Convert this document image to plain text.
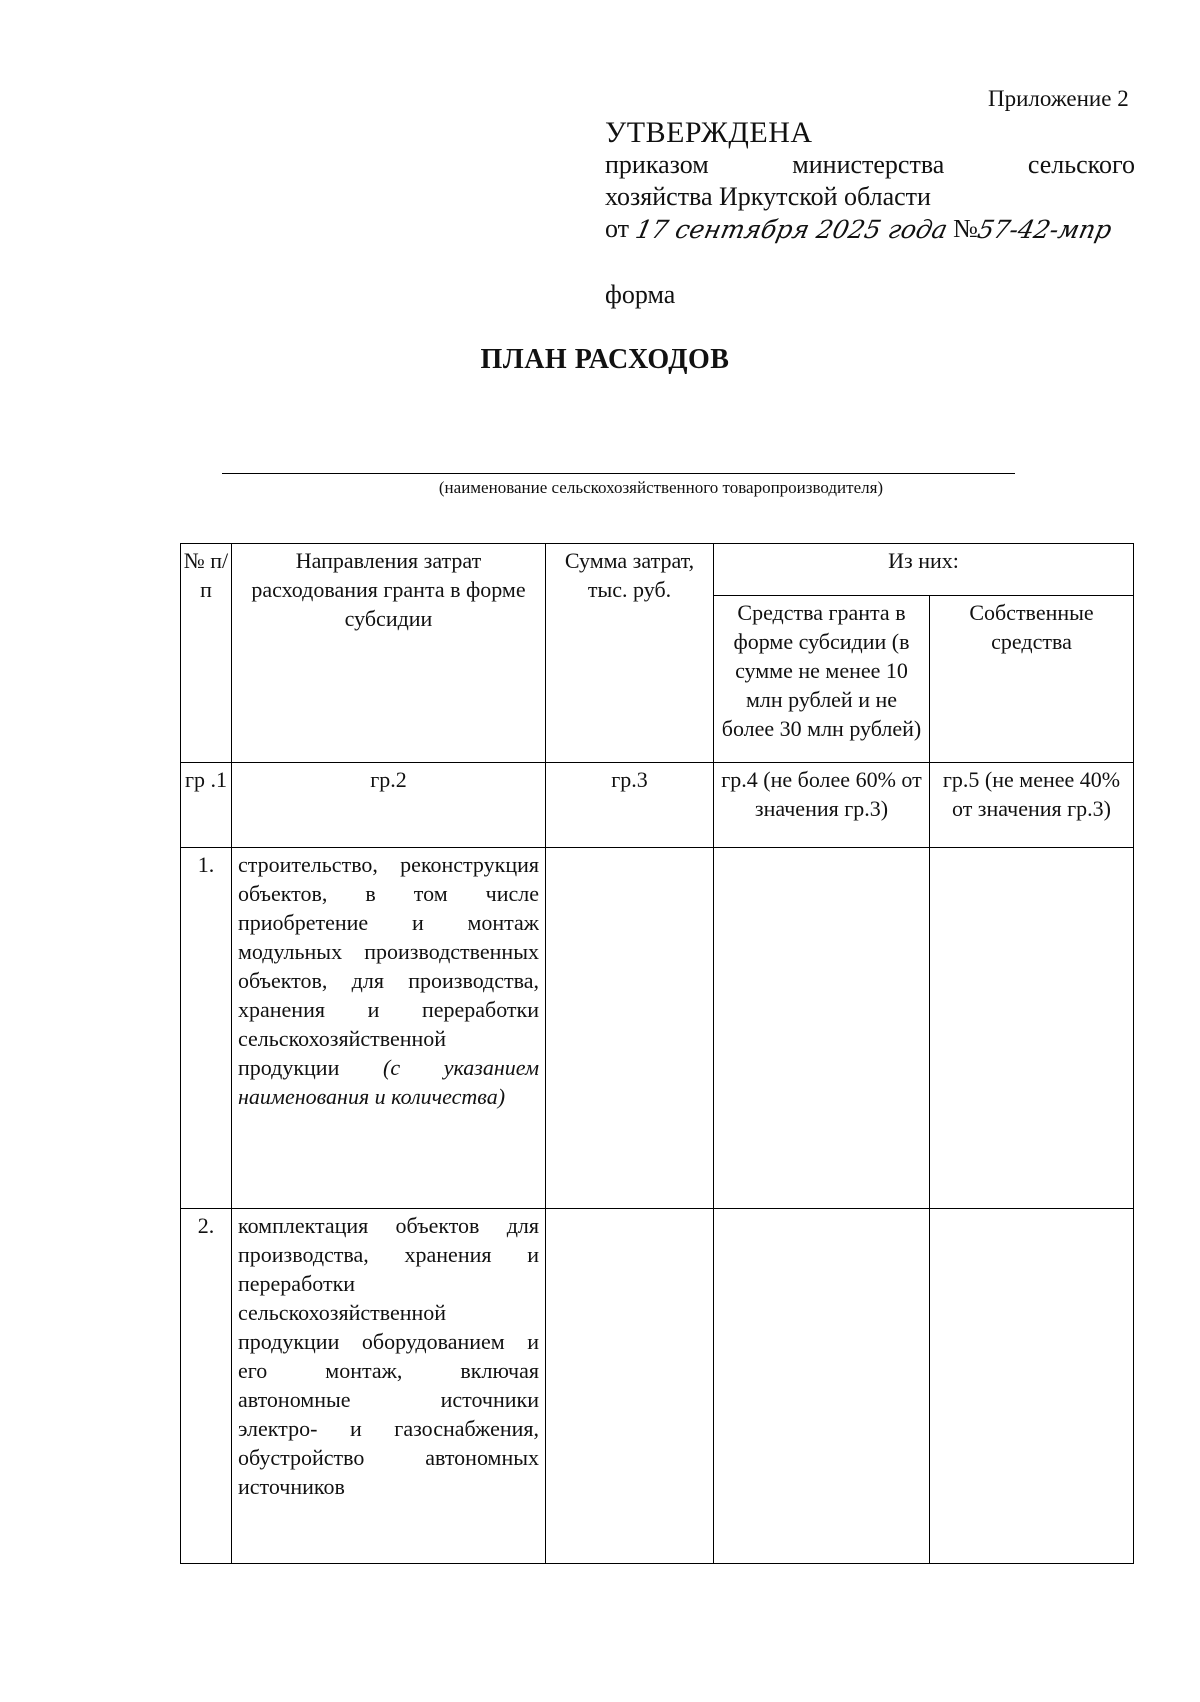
Приложение 2
УТВЕРЖДЕНА
приказом	министерства	сельского
хозяйства Иркутской области
от
17 сентября 2025 года
№
57-42-мпр
форма
ПЛАН РАСХОДОВ
(наименование сельскохозяйственного товаропроизводителя)
№ п/п	Направления затрат расходования гранта в форме субсидии	Сумма затрат, тыс. руб.	Из них:	
			Средства гранта в форме субсидии (в сумме не менее 10 млн рублей и не более 30 млн рублей)	Собственные средства
гр .1	гр.2	гр.3	гр.4 (не более 60% от значения гр.3)	гр.5 (не менее 40% от значения гр.3)
1.	строительство, реконструкция объектов, в том числе приобретение и монтаж модульных производственных объектов, для производства, хранения и переработки сельскохозяйственной продукции (с указанием наименования и количества)			
2.	комплектация объектов для производства, хранения и переработки сельскохозяйственной продукции оборудованием и его монтаж, включая автономные источники электро- и газоснабжения, обустройство автономных источников			
